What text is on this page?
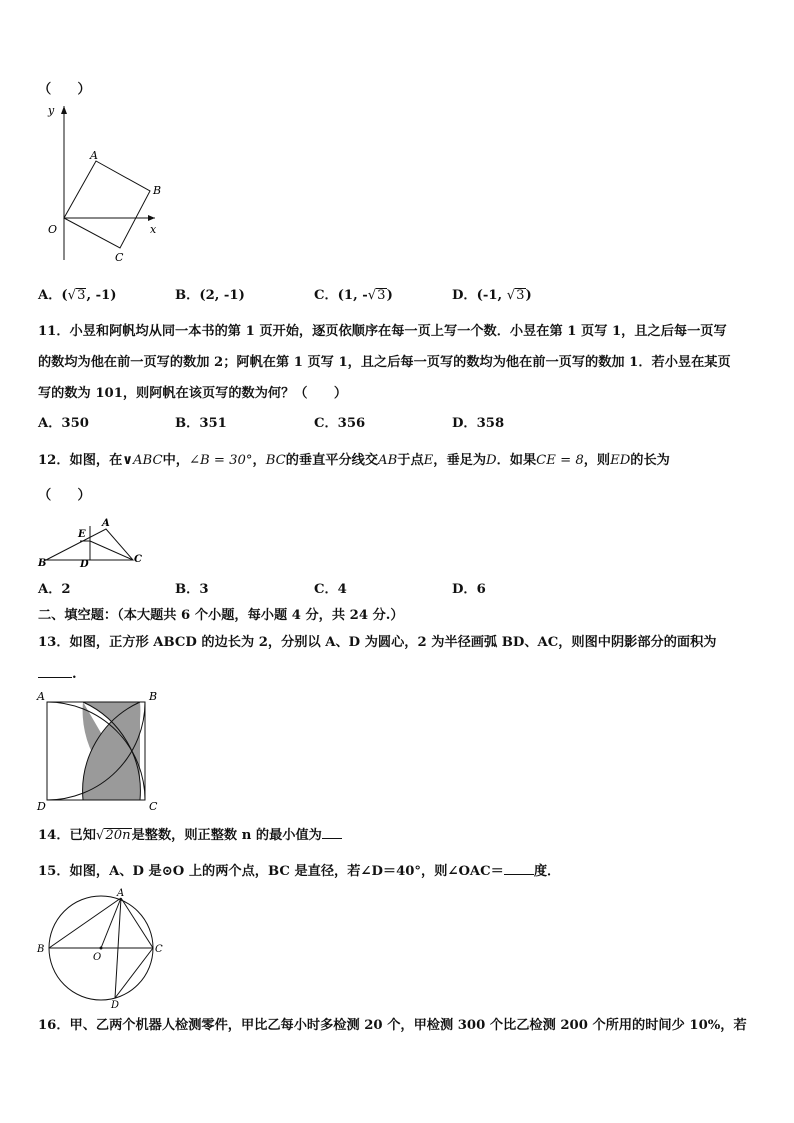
（　　）
y
x
O
A
B
C
A．(√3, -1)	B．(2, -1)	C．(1, -√3)	D．(-1, √3)
11．小昱和阿帆均从同一本书的第 1 页开始，逐页依顺序在每一页上写一个数．小昱在第 1 页写 1，且之后每一页写
的数均为他在前一页写的数加 2；阿帆在第 1 页写 1，且之后每一页写的数均为他在前一页写的数加 1．若小昱在某页
写的数为 101，则阿帆在该页写的数为何？（　　）
A．350	B．351	C．356	D．358
12．如图，在∨ABC中，∠B = 30°，BC的垂直平分线交AB于点E，垂足为D．如果CE = 8，则ED的长为
（　　）
A
B	C
D
E
A．2	B．3	C．4	D．6
二、填空题：（本大题共 6 个小题，每小题 4 分，共 24 分.）
13．如图，正方形 ABCD 的边长为 2，分别以 A、D 为圆心，2 为半径画弧 BD、AC，则图中阴影部分的面积为
.
A	B
C
D
14．已知√20n是整数，则正整数 n 的最小值为
15．如图，A、D 是⊙O 上的两个点，BC 是直径，若∠D＝40°，则∠OAC＝ 度．
A
B	C
D
O
16．甲、乙两个机器人检测零件，甲比乙每小时多检测 20 个，甲检测 300 个比乙检测 200 个所用的时间少 10%，若
